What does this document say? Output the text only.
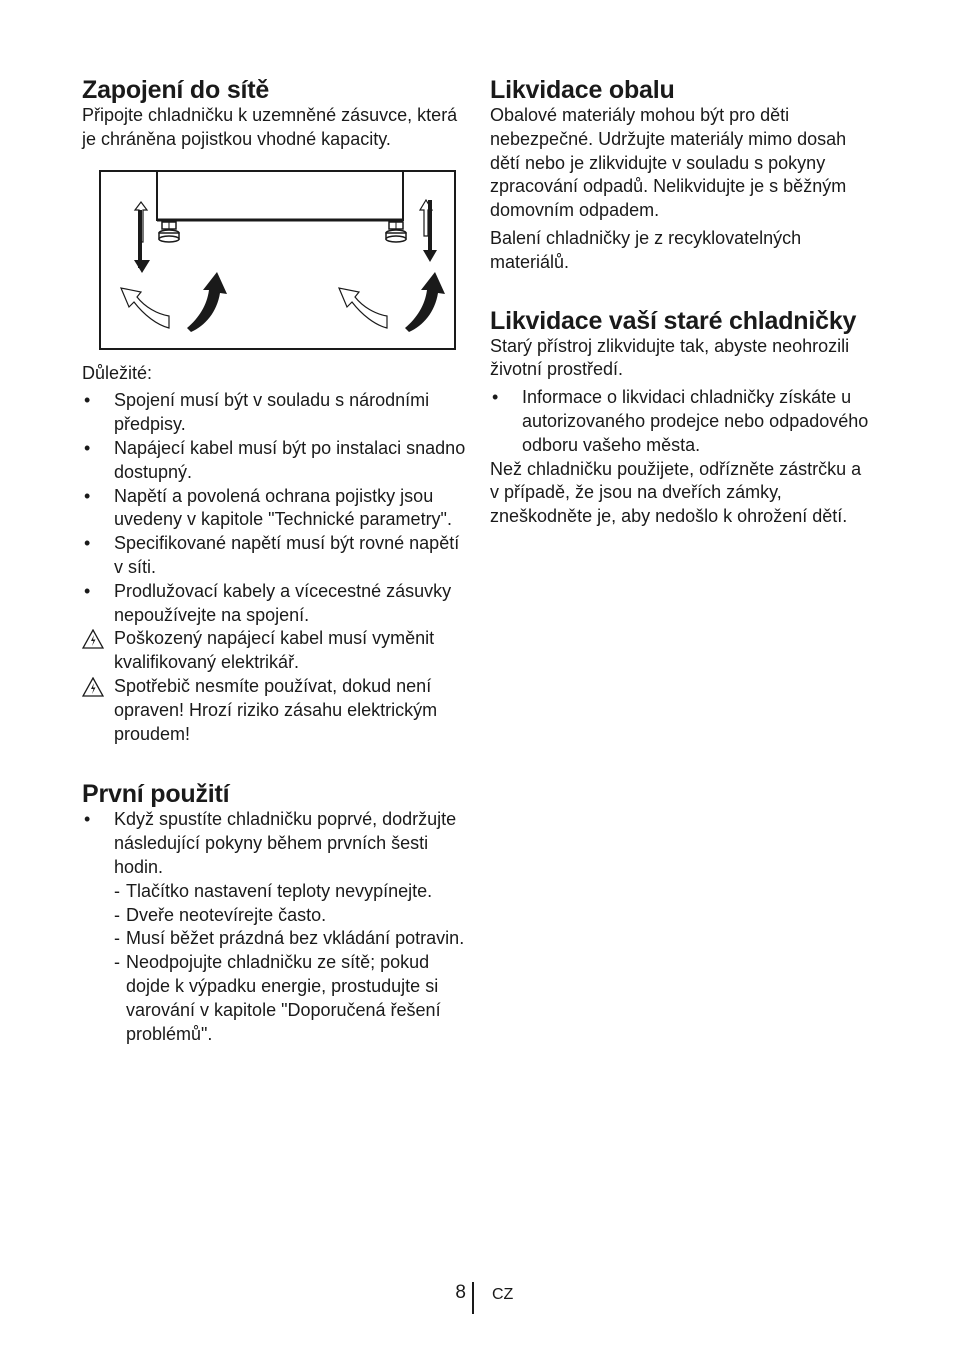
Zapojení do sítě

Připojte chladničku k uzemněné zásuvce, která je chráněna pojistkou vhodné kapacity.

Důležité:

•	Spojení musí být v souladu s národními předpisy.
•	Napájecí kabel musí být po instalaci snadno dostupný.
•	Napětí a povolená ochrana pojistky jsou uvedeny v kapitole "Technické parametry".
•	Specifikované napětí musí být rovné napětí v síti.
•	Prodlužovací kabely a vícecestné zásuvky nepoužívejte na spojení.
Poškozený napájecí kabel musí vyměnit kvalifikovaný elektrikář.
Spotřebič nesmíte používat, dokud není opraven! Hrozí riziko zásahu elektrickým proudem!
První použití
•	Když spustíte chladničku poprvé, dodržujte následující pokyny během prvních šesti hodin.
- Tlačítko nastavení teploty nevypínejte.
- Dveře neotevírejte často.
- Musí běžet prázdná bez vkládání potravin.
- Neodpojujte chladničku ze sítě; pokud dojde k výpadku energie, prostudujte si varování v kapitole "Doporučená řešení problémů".
Likvidace obalu

Obalové materiály mohou být pro děti nebezpečné. Udržujte materiály mimo dosah dětí nebo je zlikvidujte v souladu s pokyny zpracování odpadů. Nelikvidujte je s běžným domovním odpadem.

Balení chladničky je z recyklovatelných materiálů.

Likvidace vaší staré chladničky

Starý přístroj zlikvidujte tak, abyste neohrozili životní prostředí.

•	Informace o likvidaci chladničky získáte u autorizovaného prodejce nebo odpadového odboru vašeho města.

Než chladničku použijete, odřízněte zástrčku a v případě, že jsou na dveřích zámky, zneškodněte je, aby nedošlo k ohrožení dětí.

8 CZ
